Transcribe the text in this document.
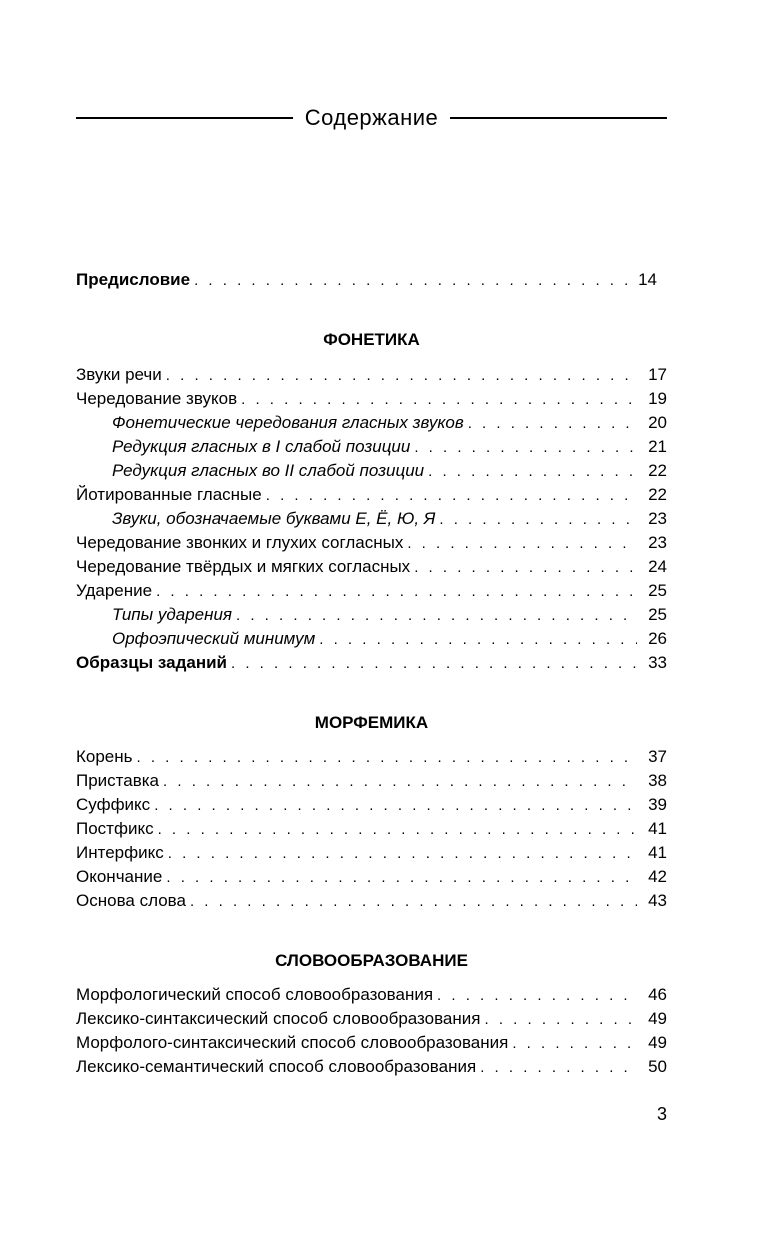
Содержание
Предисловие . . .	14
ФОНЕТИКА
Звуки речи . . .	17
Чередование звуков . . .	19
Фонетические чередования гласных звуков . . .	20
Редукция гласных в I слабой позиции . . .	21
Редукция гласных во II слабой позиции . . .	22
Йотированные гласные . . .	22
Звуки, обозначаемые буквами Е, Ё, Ю, Я . . .	23
Чередование звонких и глухих согласных . . .	23
Чередование твёрдых и мягких согласных . . .	24
Ударение . . .	25
Типы ударения . . .	25
Орфоэпический минимум . . .	26
Образцы заданий . . .	33
МОРФЕМИКА
Корень . . .	37
Приставка . . .	38
Суффикс . . .	39
Постфикс . . .	41
Интерфикс . . .	41
Окончание . . .	42
Основа слова . . .	43
СЛОВООБРАЗОВАНИЕ
Морфологический способ словообразования . . .	46
Лексико-синтаксический способ словообразования . . .	49
Морфолого-синтаксический способ словообразования . . .	49
Лексико-семантический способ словообразования . . .	50
3
